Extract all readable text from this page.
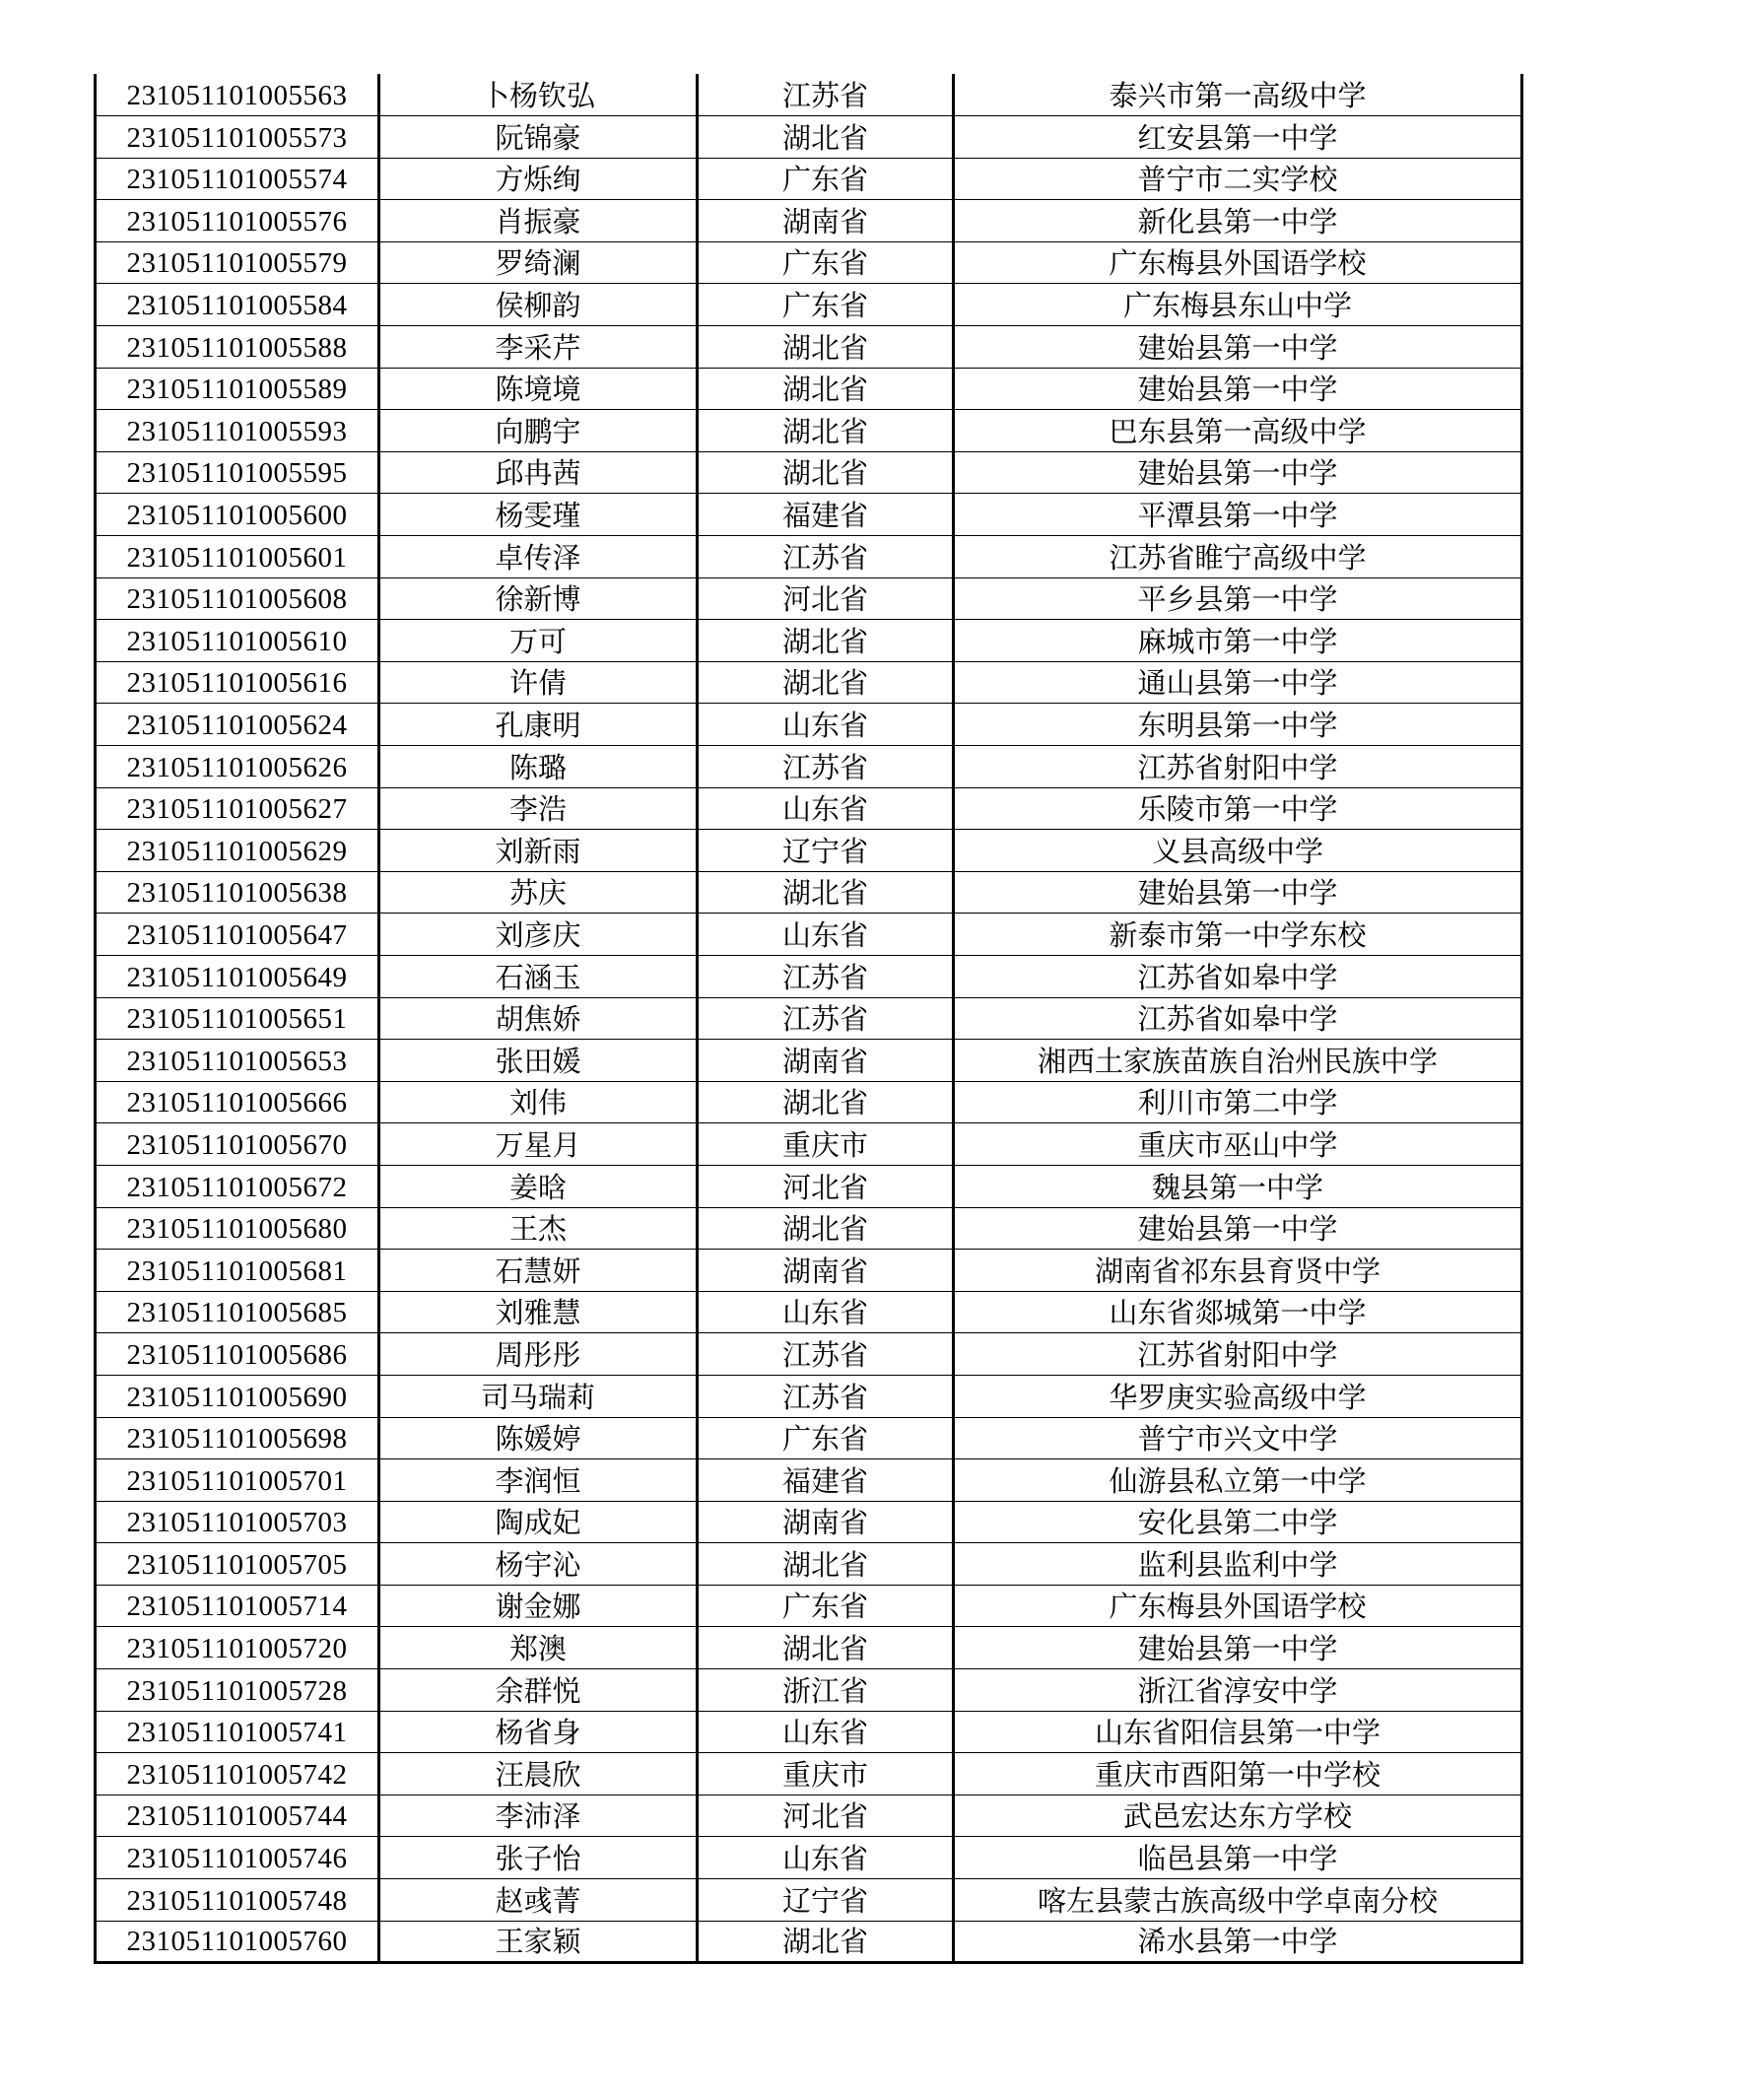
231051101005563	卜杨钦弘	江苏省	泰兴市第一高级中学
231051101005573	阮锦豪	湖北省	红安县第一中学
231051101005574	方烁绚	广东省	普宁市二实学校
231051101005576	肖振豪	湖南省	新化县第一中学
231051101005579	罗绮澜	广东省	广东梅县外国语学校
231051101005584	侯柳韵	广东省	广东梅县东山中学
231051101005588	李采芹	湖北省	建始县第一中学
231051101005589	陈境境	湖北省	建始县第一中学
231051101005593	向鹏宇	湖北省	巴东县第一高级中学
231051101005595	邱冉茜	湖北省	建始县第一中学
231051101005600	杨雯瑾	福建省	平潭县第一中学
231051101005601	卓传泽	江苏省	江苏省睢宁高级中学
231051101005608	徐新博	河北省	平乡县第一中学
231051101005610	万可	湖北省	麻城市第一中学
231051101005616	许倩	湖北省	通山县第一中学
231051101005624	孔康明	山东省	东明县第一中学
231051101005626	陈璐	江苏省	江苏省射阳中学
231051101005627	李浩	山东省	乐陵市第一中学
231051101005629	刘新雨	辽宁省	义县高级中学
231051101005638	苏庆	湖北省	建始县第一中学
231051101005647	刘彦庆	山东省	新泰市第一中学东校
231051101005649	石涵玉	江苏省	江苏省如皋中学
231051101005651	胡焦娇	江苏省	江苏省如皋中学
231051101005653	张田媛	湖南省	湘西土家族苗族自治州民族中学
231051101005666	刘伟	湖北省	利川市第二中学
231051101005670	万星月	重庆市	重庆市巫山中学
231051101005672	姜晗	河北省	魏县第一中学
231051101005680	王杰	湖北省	建始县第一中学
231051101005681	石慧妍	湖南省	湖南省祁东县育贤中学
231051101005685	刘雅慧	山东省	山东省郯城第一中学
231051101005686	周彤彤	江苏省	江苏省射阳中学
231051101005690	司马瑞莉	江苏省	华罗庚实验高级中学
231051101005698	陈媛婷	广东省	普宁市兴文中学
231051101005701	李润恒	福建省	仙游县私立第一中学
231051101005703	陶成妃	湖南省	安化县第二中学
231051101005705	杨宇沁	湖北省	监利县监利中学
231051101005714	谢金娜	广东省	广东梅县外国语学校
231051101005720	郑澳	湖北省	建始县第一中学
231051101005728	余群悦	浙江省	浙江省淳安中学
231051101005741	杨省身	山东省	山东省阳信县第一中学
231051101005742	汪晨欣	重庆市	重庆市酉阳第一中学校
231051101005744	李沛泽	河北省	武邑宏达东方学校
231051101005746	张子怡	山东省	临邑县第一中学
231051101005748	赵彧菁	辽宁省	喀左县蒙古族高级中学卓南分校
231051101005760	王家颖	湖北省	浠水县第一中学
